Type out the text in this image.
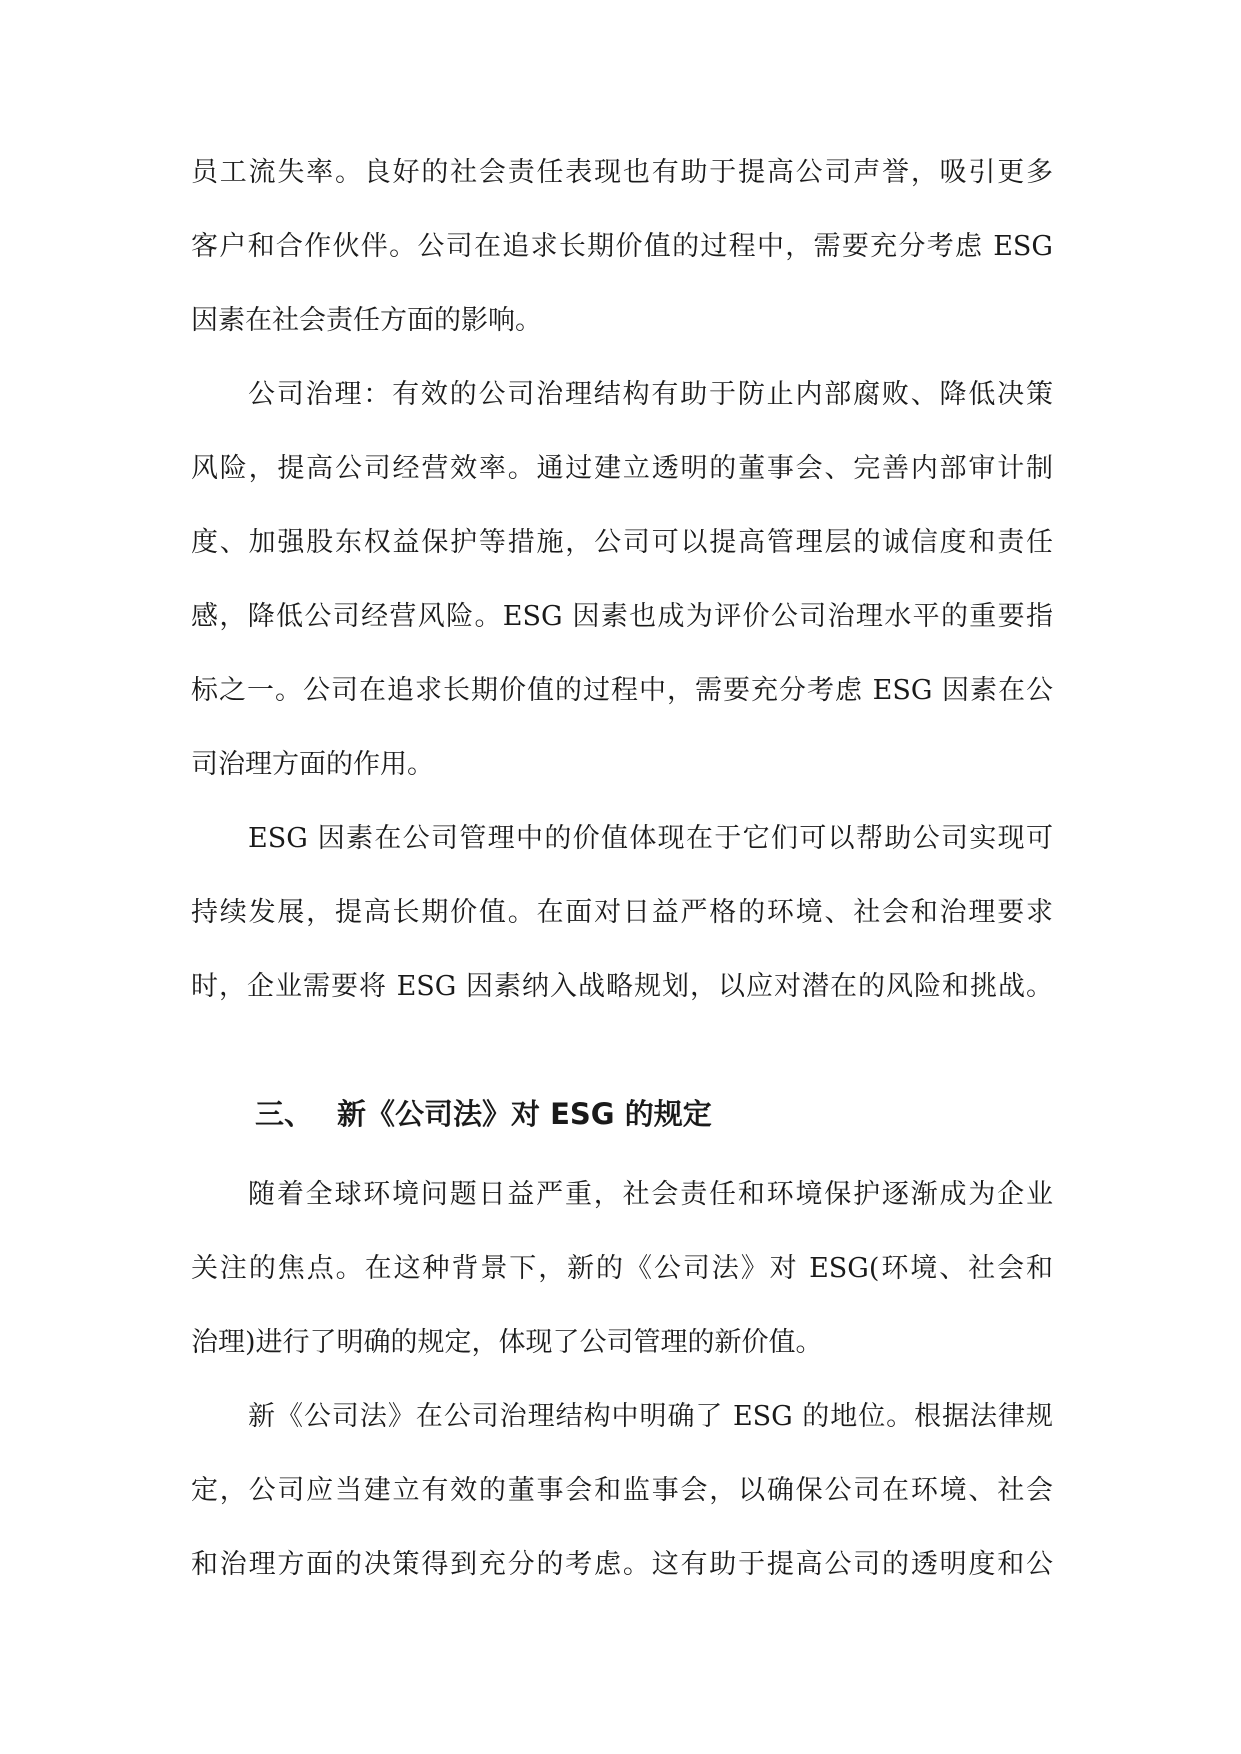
员工流失率。良好的社会责任表现也有助于提高公司声誉，吸引更多
客户和合作伙伴。公司在追求长期价值的过程中，需要充分考虑 ESG
因素在社会责任方面的影响。
公司治理：有效的公司治理结构有助于防止内部腐败、降低决策
风险，提高公司经营效率。通过建立透明的董事会、完善内部审计制
度、加强股东权益保护等措施，公司可以提高管理层的诚信度和责任
感，降低公司经营风险。ESG 因素也成为评价公司治理水平的重要指
标之一。公司在追求长期价值的过程中，需要充分考虑 ESG 因素在公
司治理方面的作用。
ESG 因素在公司管理中的价值体现在于它们可以帮助公司实现可
持续发展，提高长期价值。在面对日益严格的环境、社会和治理要求
时，企业需要将 ESG 因素纳入战略规划，以应对潜在的风险和挑战。
三、 新《公司法》对 ESG 的规定
随着全球环境问题日益严重，社会责任和环境保护逐渐成为企业
关注的焦点。在这种背景下，新的《公司法》对 ESG(环境、社会和
治理)进行了明确的规定，体现了公司管理的新价值。
新《公司法》在公司治理结构中明确了 ESG 的地位。根据法律规
定，公司应当建立有效的董事会和监事会，以确保公司在环境、社会
和治理方面的决策得到充分的考虑。这有助于提高公司的透明度和公
